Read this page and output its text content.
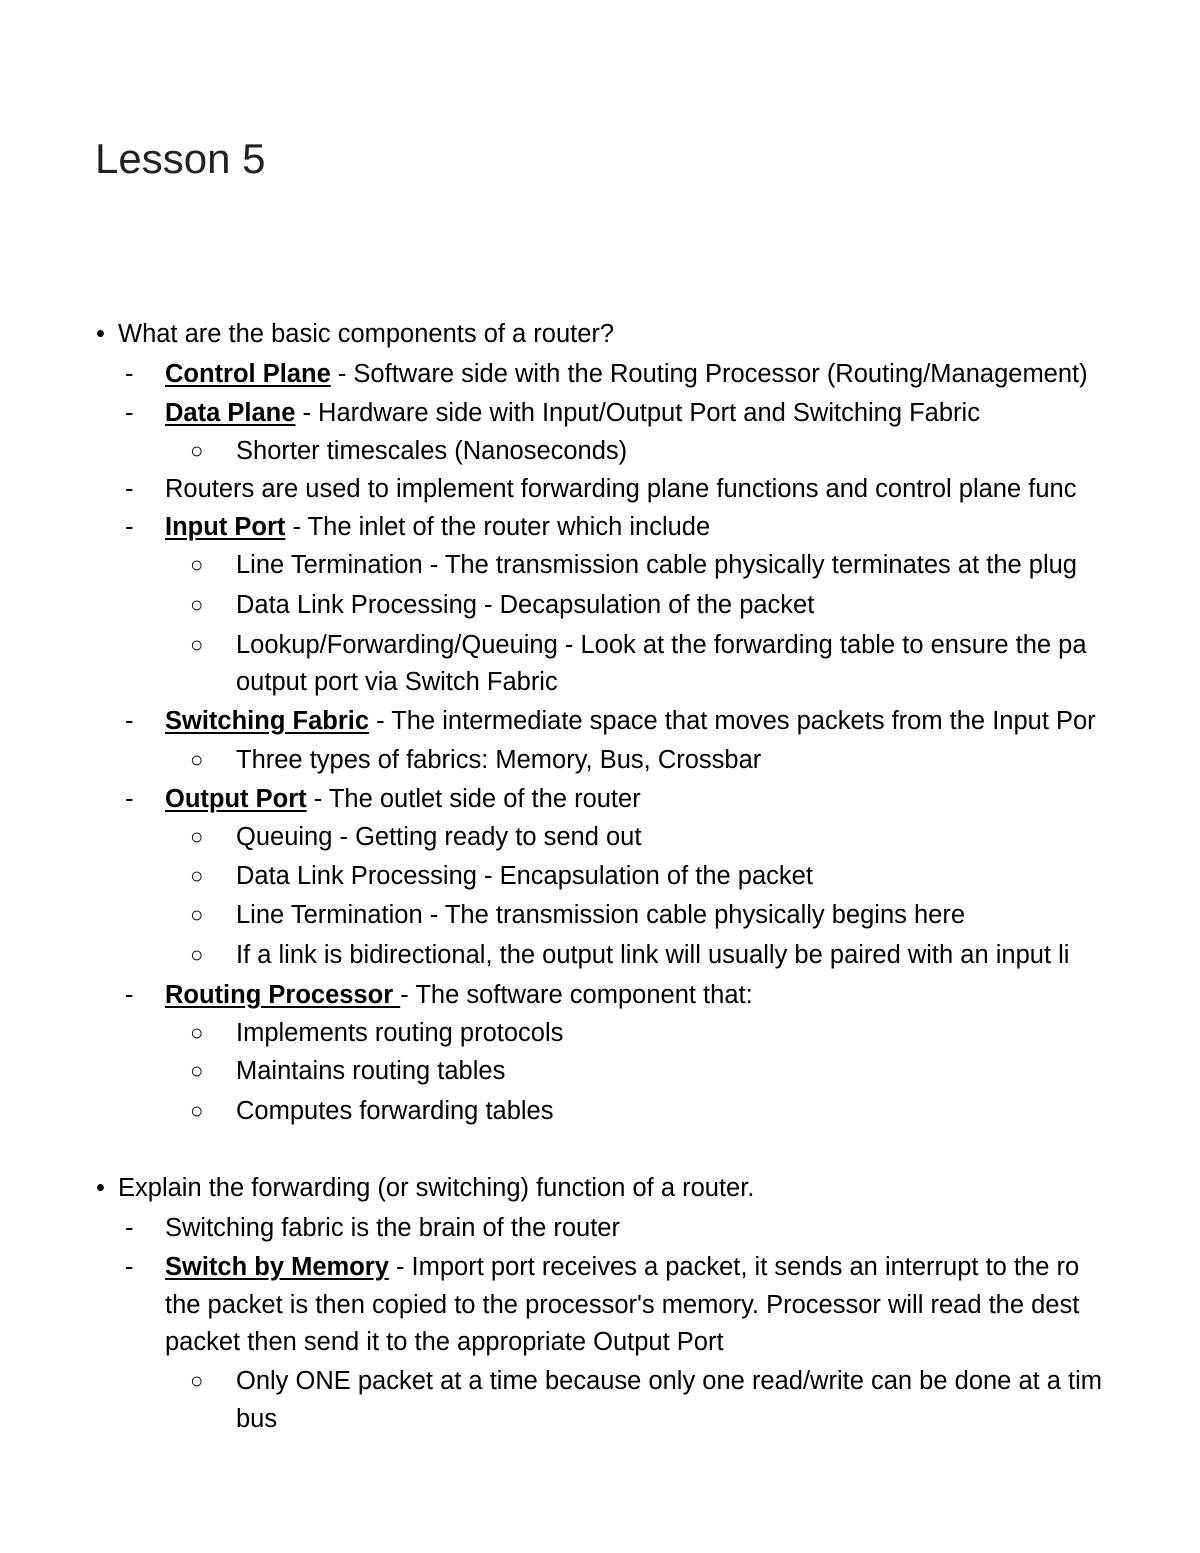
Lesson 5
• What are the basic components of a router?
- Control Plane - Software side with the Routing Processor (Routing/Management)
- Data Plane - Hardware side with Input/Output Port and Switching Fabric
○ Shorter timescales (Nanoseconds)
- Routers are used to implement forwarding plane functions and control plane func
- Input Port - The inlet of the router which include
○ Line Termination - The transmission cable physically terminates at the plug
○ Data Link Processing - Decapsulation of the packet
○ Lookup/Forwarding/Queuing - Look at the forwarding table to ensure the pa
output port via Switch Fabric
- Switching Fabric - The intermediate space that moves packets from the Input Por
○ Three types of fabrics: Memory, Bus, Crossbar
- Output Port - The outlet side of the router
○ Queuing - Getting ready to send out
○ Data Link Processing - Encapsulation of the packet
○ Line Termination - The transmission cable physically begins here
○ If a link is bidirectional, the output link will usually be paired with an input li
- Routing Processor - The software component that:
○ Implements routing protocols
○ Maintains routing tables
○ Computes forwarding tables
• Explain the forwarding (or switching) function of a router.
- Switching fabric is the brain of the router
- Switch by Memory - Import port receives a packet, it sends an interrupt to the ro
the packet is then copied to the processor's memory. Processor will read the dest
packet then send it to the appropriate Output Port
○ Only ONE packet at a time because only one read/write can be done at a tim
bus
